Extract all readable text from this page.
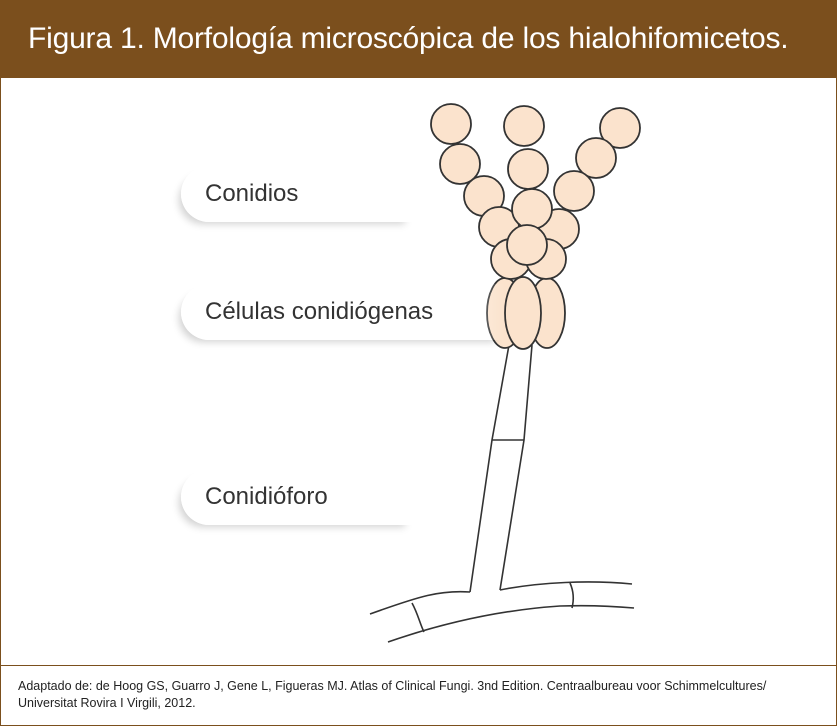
Figura 1. Morfología microscópica de los hialohifomicetos.
Conidios
Células conidiógenas
Conidióforo
Adaptado de: de Hoog GS, Guarro J, Gene L, Figueras MJ. Atlas of Clinical Fungi. 3nd Edition. Centraalbureau voor Schimmelcultures/
Universitat Rovira I Virgili, 2012.
